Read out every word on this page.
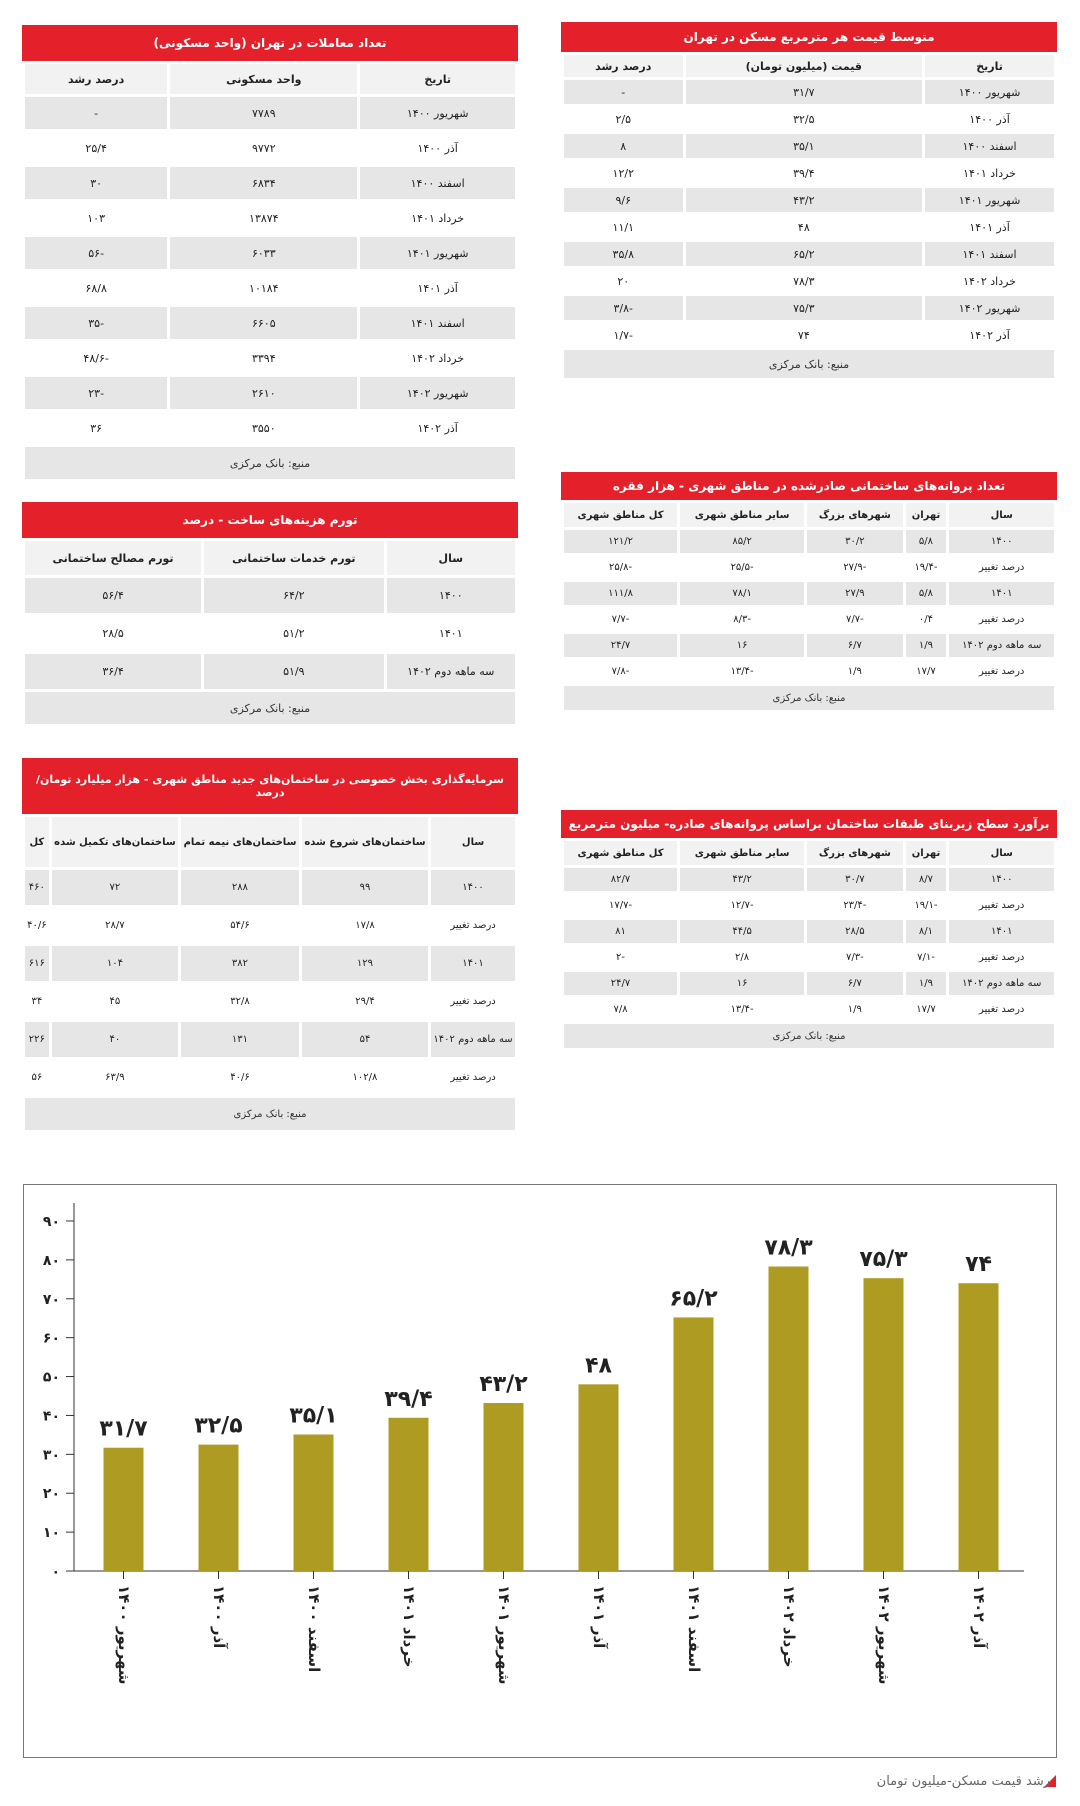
متوسط قیمت هر مترمربع مسکن در تهران
تاریخ	قیمت (میلیون تومان)	درصد رشد
شهریور ۱۴۰۰	۳۱/۷	-
آذر ۱۴۰۰	۳۲/۵	۲/۵
اسفند ۱۴۰۰	۳۵/۱	۸
خرداد ۱۴۰۱	۳۹/۴	۱۲/۲
شهریور ۱۴۰۱	۴۳/۲	۹/۶
آذر ۱۴۰۱	۴۸	۱۱/۱
اسفند ۱۴۰۱	۶۵/۲	۳۵/۸
خرداد ۱۴۰۲	۷۸/۳	۲۰
شهریور ۱۴۰۲	۷۵/۳	-۳/۸
آذر ۱۴۰۲	۷۴	-۱/۷
منبع: بانک مرکزی		
تعداد معاملات در تهران (واحد مسکونی)
تاریخ	واحد مسکونی	درصد رشد
شهریور ۱۴۰۰	۷۷۸۹	-
آذر ۱۴۰۰	۹۷۷۲	۲۵/۴
اسفند ۱۴۰۰	۶۸۳۴	۳۰
خرداد ۱۴۰۱	۱۳۸۷۴	۱۰۳
شهریور ۱۴۰۱	۶۰۳۳	-۵۶
آذر ۱۴۰۱	۱۰۱۸۴	۶۸/۸
اسفند ۱۴۰۱	۶۶۰۵	-۳۵
خرداد ۱۴۰۲	۳۳۹۴	-۴۸/۶
شهریور ۱۴۰۲	۲۶۱۰	-۲۳
آذر ۱۴۰۲	۳۵۵۰	۳۶
منبع: بانک مرکزی		
تعداد پروانه‌های ساختمانی صادرشده در مناطق شهری - هزار فقره
سال	تهران	شهرهای بزرگ	سایر مناطق شهری	کل مناطق شهری
۱۴۰۰	۵/۸	۳۰/۲	۸۵/۲	۱۲۱/۲
درصد تغییر	-۱۹/۴	-۲۷/۹	-۲۵/۵	-۲۵/۸
۱۴۰۱	۵/۸	۲۷/۹	۷۸/۱	۱۱۱/۸
درصد تغییر	۰/۴	-۷/۷	-۸/۳	-۷/۷
سه ماهه دوم ۱۴۰۲	۱/۹	۶/۷	۱۶	۲۴/۷
درصد تغییر	۱۷/۷	۱/۹	-۱۳/۴	-۷/۸
منبع: بانک مرکزی				
تورم هزینه‌های ساخت - درصد
سال	تورم خدمات ساختمانی	تورم مصالح ساختمانی
۱۴۰۰	۶۴/۲	۵۶/۴
۱۴۰۱	۵۱/۲	۲۸/۵
سه ماهه دوم ۱۴۰۲	۵۱/۹	۳۶/۴
منبع: بانک مرکزی		
برآورد سطح زیربنای طبقات ساختمان براساس پروانه‌های صادره- میلیون مترمربع
سال	تهران	شهرهای بزرگ	سایر مناطق شهری	کل مناطق شهری
۱۴۰۰	۸/۷	۳۰/۷	۴۳/۲	۸۲/۷
درصد تغییر	-۱۹/۱	-۲۳/۴	-۱۲/۷	-۱۷/۷
۱۴۰۱	۸/۱	۲۸/۵	۴۴/۵	۸۱
درصد تغییر	-۷/۱	-۷/۳	۲/۸	-۲
سه ماهه دوم ۱۴۰۲	۱/۹	۶/۷	۱۶	۲۴/۷
درصد تغییر	۱۷/۷	۱/۹	-۱۳/۴	۷/۸
منبع: بانک مرکزی				
سرمایه‌گذاری بخش خصوصی در ساختمان‌های جدید مناطق شهری - هزار میلیارد تومان/ درصد
سال	ساختمان‌های شروع شده	ساختمان‌های نیمه تمام	ساختمان‌های تکمیل شده	کل
۱۴۰۰	۹۹	۲۸۸	۷۲	۴۶۰
درصد تغییر	۱۷/۸	۵۴/۶	۲۸/۷	۴۰/۶
۱۴۰۱	۱۲۹	۳۸۲	۱۰۴	۶۱۶
درصد تغییر	۲۹/۴	۳۲/۸	۴۵	۳۴
سه ماهه دوم ۱۴۰۲	۵۴	۱۳۱	۴۰	۲۲۶
درصد تغییر	۱۰۲/۸	۴۰/۶	۶۳/۹	۵۶
منبع: بانک مرکزی				
۰
۱۰
۲۰
۳۰
۴۰
۵۰
۶۰
۷۰
۸۰
۹۰
۳۱/۷
شهریور ۱۴۰۰
۳۲/۵
آذر ۱۴۰۰
۳۵/۱
اسفند ۱۴۰۰
۳۹/۴
خرداد ۱۴۰۱
۴۳/۲
شهریور ۱۴۰۱
۴۸
آذر ۱۴۰۱
۶۵/۲
اسفند ۱۴۰۱
۷۸/۳
خرداد ۱۴۰۲
۷۵/۳
شهریور ۱۴۰۲
۷۴
آذر ۱۴۰۲
رشد قیمت مسکن-میلیون تومان
